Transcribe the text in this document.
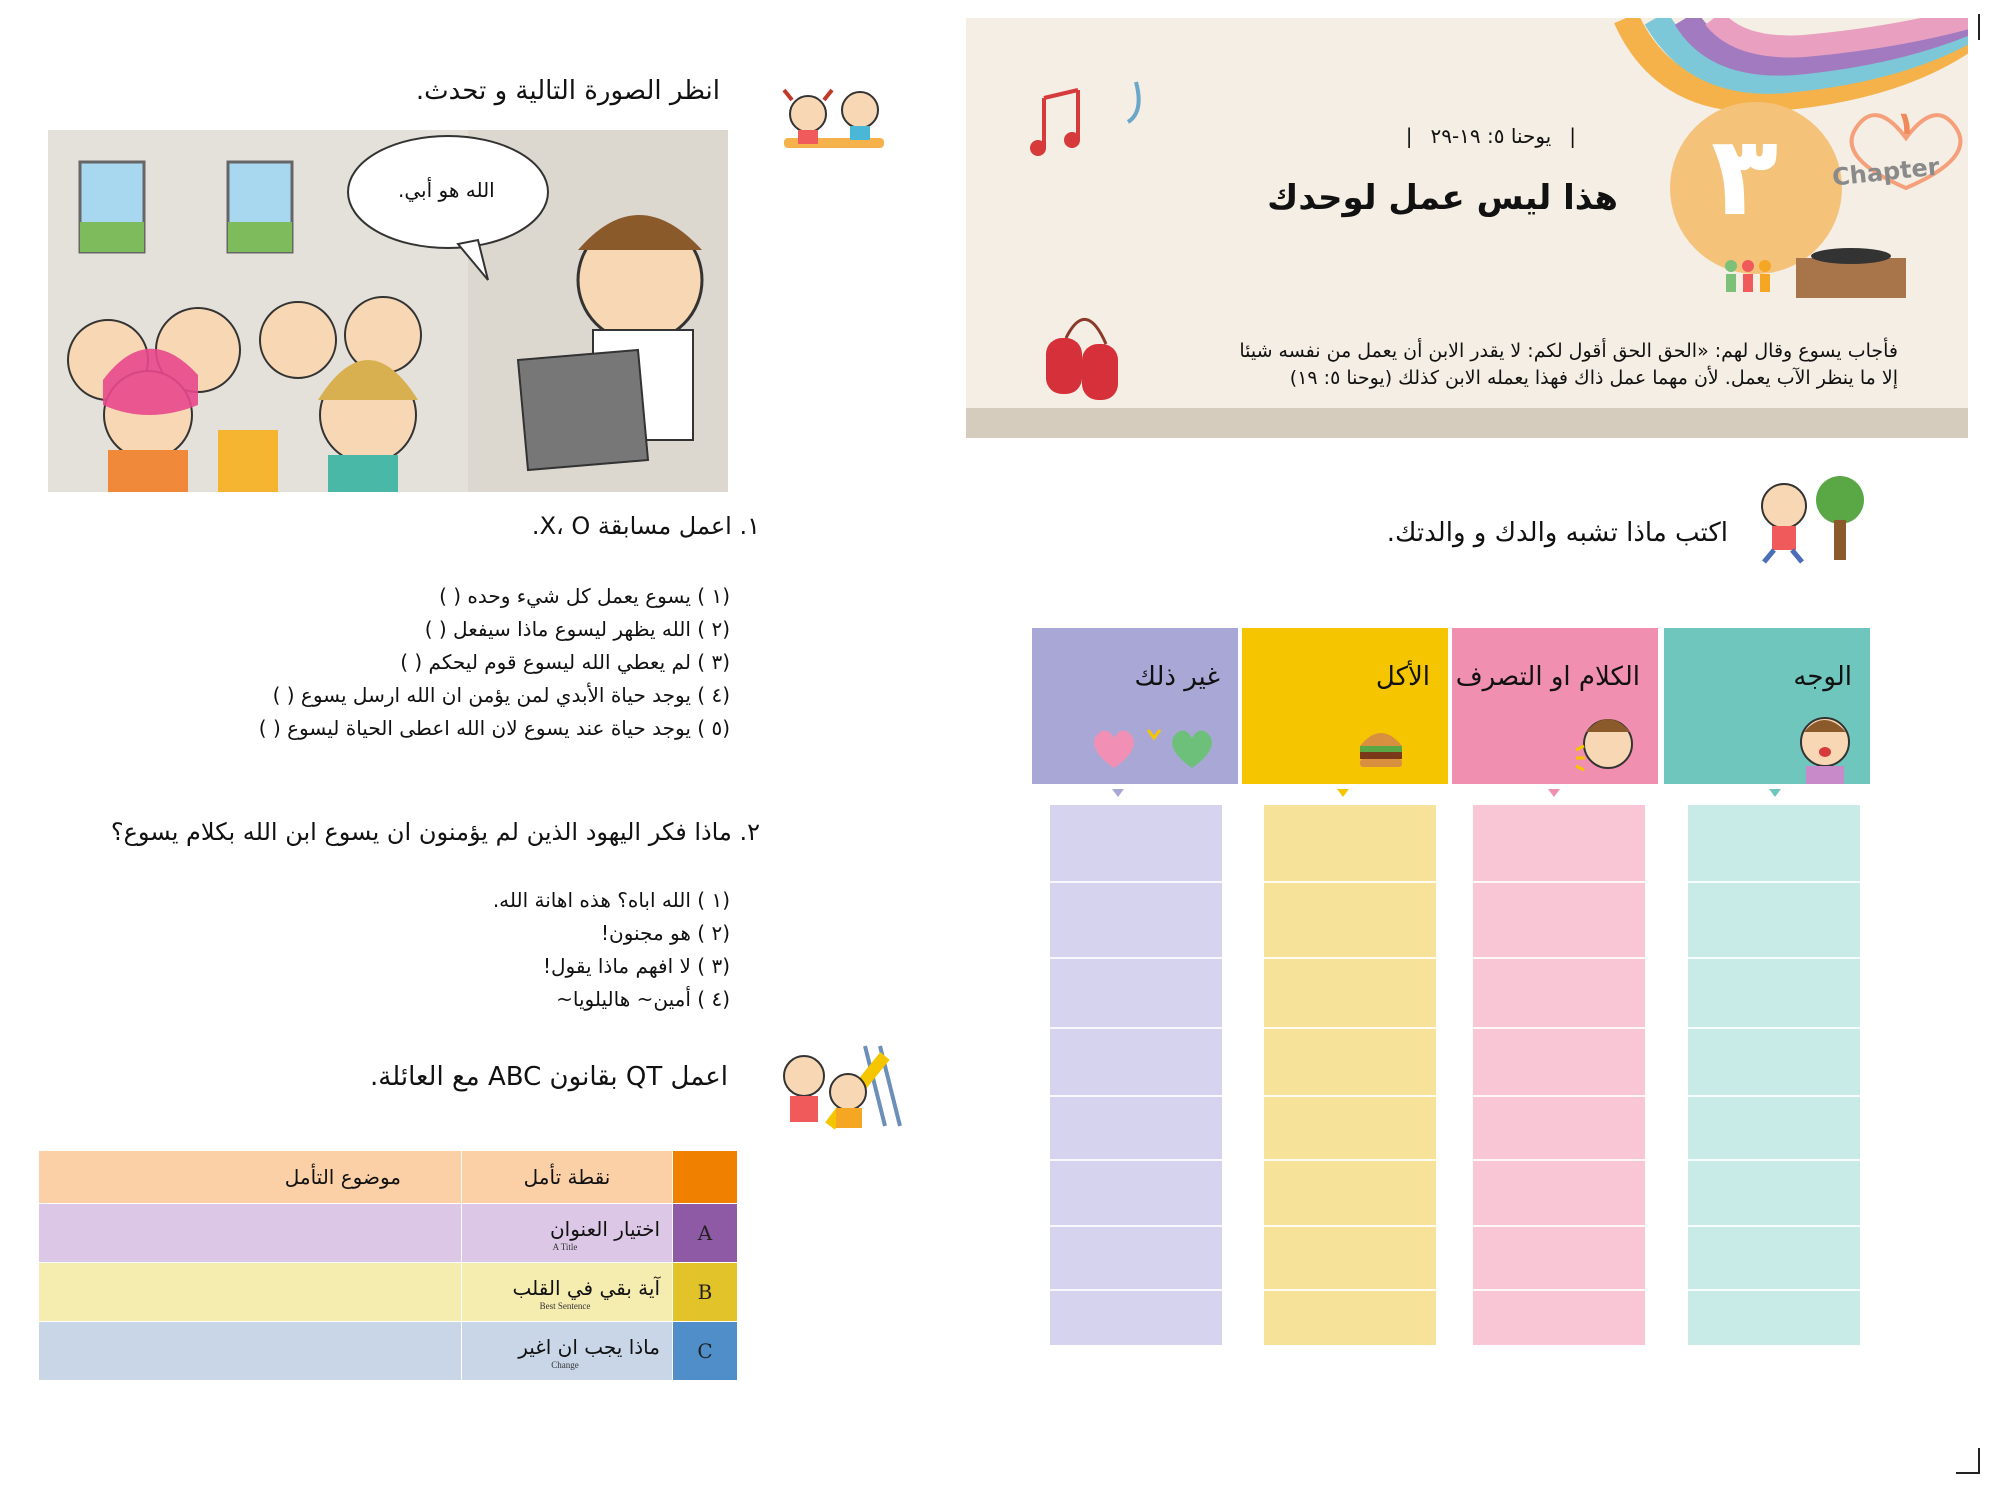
انظر الصورة التالية و تحدث.
الله هو أبي.
١. اعمل مسابقة X، O.
(١ ) يسوع يعمل كل شيء وحده ( )
(٢ ) الله يظهر ليسوع ماذا سيفعل ( )
(٣ ) لم يعطي الله ليسوع قوم ليحكم ( )
(٤ ) يوجد حياة الأبدي لمن يؤمن ان الله ارسل يسوع ( )
(٥ ) يوجد حياة عند يسوع لان الله اعطى الحياة ليسوع ( )
٢. ماذا فكر اليهود الذين لم يؤمنون ان يسوع ابن الله بكلام يسوع؟
(١ ) الله اباه؟ هذه اهانة الله.
(٢ ) هو مجنون!
(٣ ) لا افهم ماذا يقول!
(٤ ) أمين~ هاليلويا~
اعمل QT بقانون ABC مع العائلة.
	نقطة تأمل	موضوع التأمل
A	اختيار العنوان
A Title	

B	آية بقي في القلب
Best Sentence	

C	ماذا يجب ان اغير
Change	

٣ Chapter
١
|يوحنا ٥: ١٩-٢٩|
هذا ليس عمل لوحدك
فأجاب يسوع وقال لهم: «الحق الحق أقول لكم: لا يقدر الابن أن يعمل من نفسه شيئا
إلا ما ينظر الآب يعمل. لأن مهما عمل ذاك فهذا يعمله الابن كذلك (يوحنا ٥: ١٩)
اكتب ماذا تشبه والدك و والدتك.
الوجه
الكلام او التصرف
الأكل
غير ذلك
